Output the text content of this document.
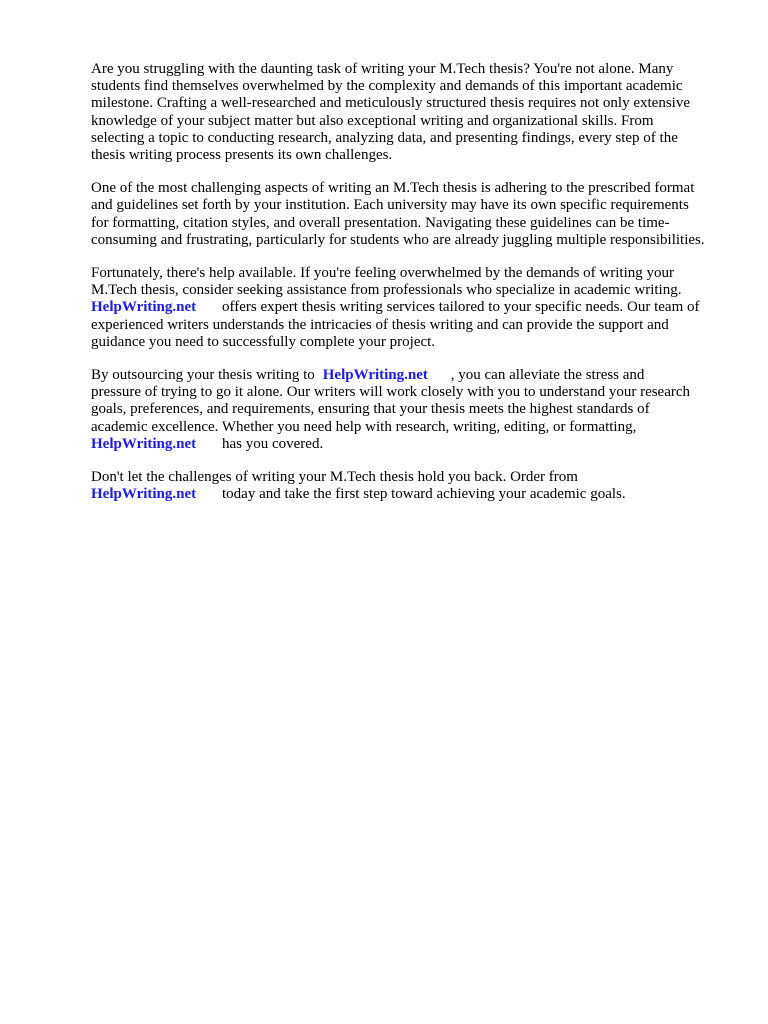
Are you struggling with the daunting task of writing your M.Tech thesis? You're not alone. Many
students find themselves overwhelmed by the complexity and demands of this important academic
milestone. Crafting a well-researched and meticulously structured thesis requires not only extensive
knowledge of your subject matter but also exceptional writing and organizational skills. From
selecting a topic to conducting research, analyzing data, and presenting findings, every step of the
thesis writing process presents its own challenges.

One of the most challenging aspects of writing an M.Tech thesis is adhering to the prescribed format
and guidelines set forth by your institution. Each university may have its own specific requirements
for formatting, citation styles, and overall presentation. Navigating these guidelines can be time-
consuming and frustrating, particularly for students who are already juggling multiple responsibilities.

Fortunately, there's help available. If you're feeling overwhelmed by the demands of writing your
M.Tech thesis, consider seeking assistance from professionals who specialize in academic writing.
HelpWriting.net offers expert thesis writing services tailored to your specific needs. Our team of
experienced writers understands the intricacies of thesis writing and can provide the support and
guidance you need to successfully complete your project.

By outsourcing your thesis writing to HelpWriting.net , you can alleviate the stress and
pressure of trying to go it alone. Our writers will work closely with you to understand your research
goals, preferences, and requirements, ensuring that your thesis meets the highest standards of
academic excellence. Whether you need help with research, writing, editing, or formatting,
HelpWriting.net has you covered.

Don't let the challenges of writing your M.Tech thesis hold you back. Order from
HelpWriting.net today and take the first step toward achieving your academic goals.
